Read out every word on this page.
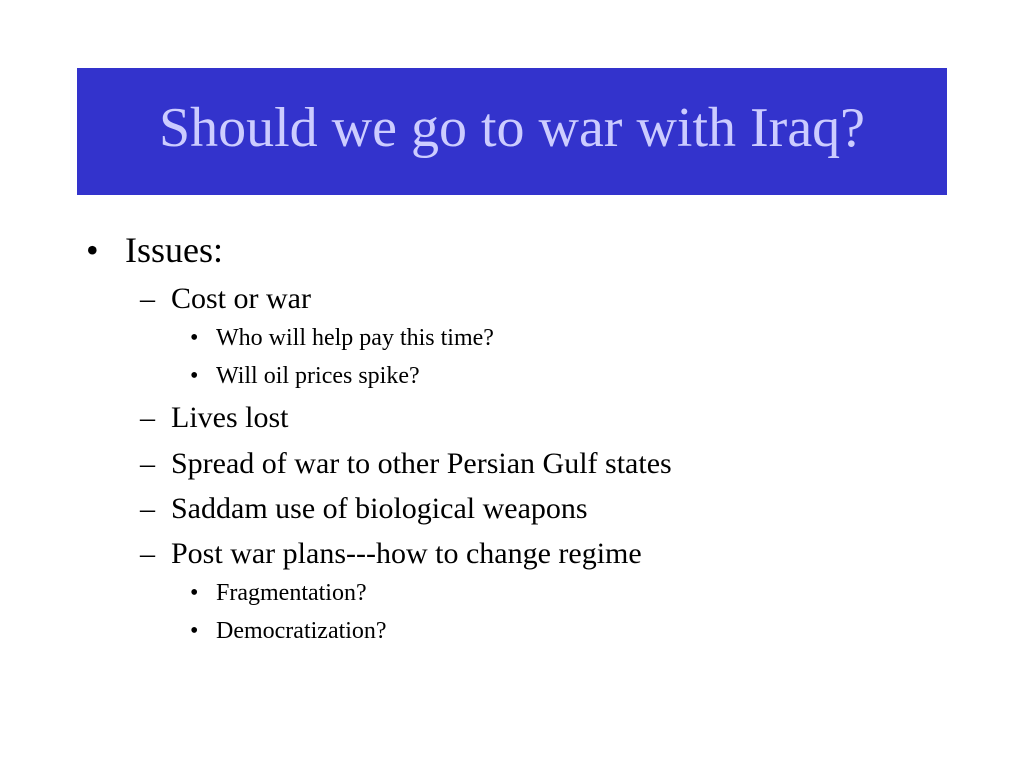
Should we go to war with Iraq?
• Issues:
– Cost or war
• Who will help pay this time?
• Will oil prices spike?
– Lives lost
– Spread of war to other Persian Gulf states
– Saddam use of biological weapons
– Post war plans---how to change regime
• Fragmentation?
• Democratization?
